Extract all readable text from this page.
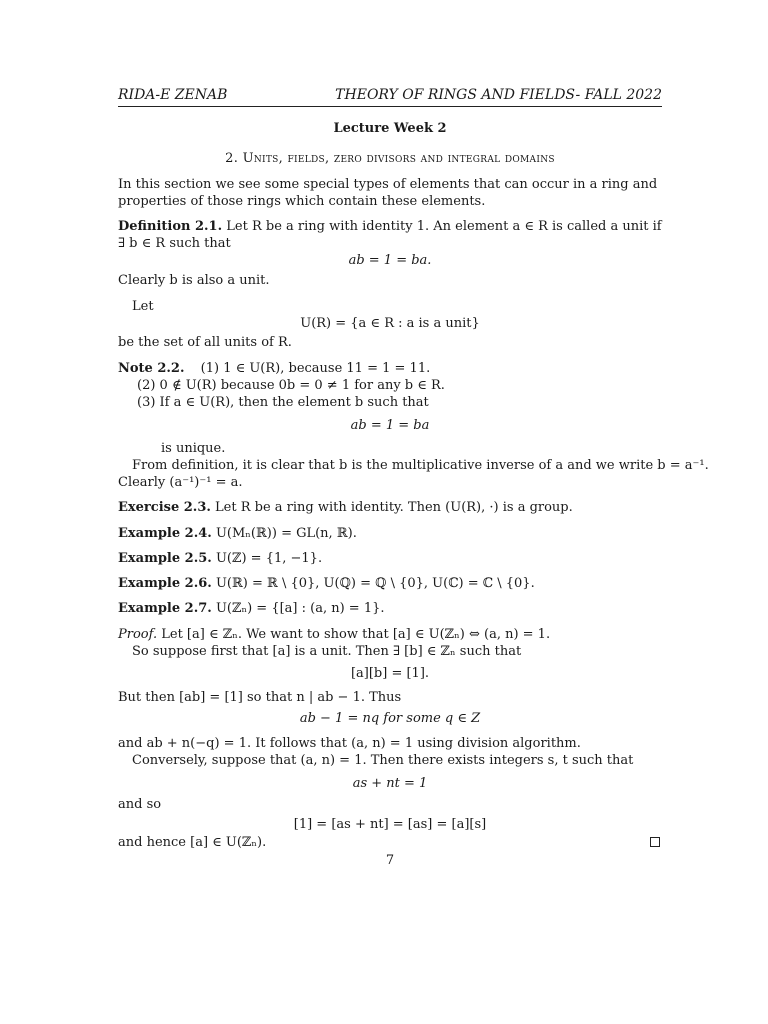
RIDA-E ZENAB	THEORY OF RINGS AND FIELDS- FALL 2022
Lecture Week 2
2. Units, fields, zero divisors and integral domains
In this section we see some special types of elements that can occur in a ring and
properties of those rings which contain these elements.
Definition 2.1. Let R be a ring with identity 1. An element a ∈ R is called a unit if
∃ b ∈ R such that
ab = 1 = ba.
Clearly b is also a unit.
Let
U(R) = {a ∈ R : a is a unit}
be the set of all units of R.
Note 2.2. (1) 1 ∈ U(R), because 11 = 1 = 11.
(2) 0 ∉ U(R) because 0b = 0 ≠ 1 for any b ∈ R.
(3) If a ∈ U(R), then the element b such that
ab = 1 = ba
is unique.
From definition, it is clear that b is the multiplicative inverse of a and we write b = a⁻¹.
Clearly (a⁻¹)⁻¹ = a.
Exercise 2.3. Let R be a ring with identity. Then (U(R), ·) is a group.
Example 2.4. U(Mₙ(ℝ)) = GL(n, ℝ).
Example 2.5. U(ℤ) = {1, −1}.
Example 2.6. U(ℝ) = ℝ \ {0}, U(ℚ) = ℚ \ {0}, U(ℂ) = ℂ \ {0}.
Example 2.7. U(ℤₙ) = {[a] : (a, n) = 1}.
Proof. Let [a] ∈ ℤₙ. We want to show that [a] ∈ U(ℤₙ) ⇔ (a, n) = 1.
So suppose first that [a] is a unit. Then ∃ [b] ∈ ℤₙ such that
[a][b] = [1].
But then [ab] = [1] so that n | ab − 1. Thus
ab − 1 = nq for some q ∈ Z
and ab + n(−q) = 1. It follows that (a, n) = 1 using division algorithm.
Conversely, suppose that (a, n) = 1. Then there exists integers s, t such that
as + nt = 1
and so
[1] = [as + nt] = [as] = [a][s]
and hence [a] ∈ U(ℤₙ).
7
